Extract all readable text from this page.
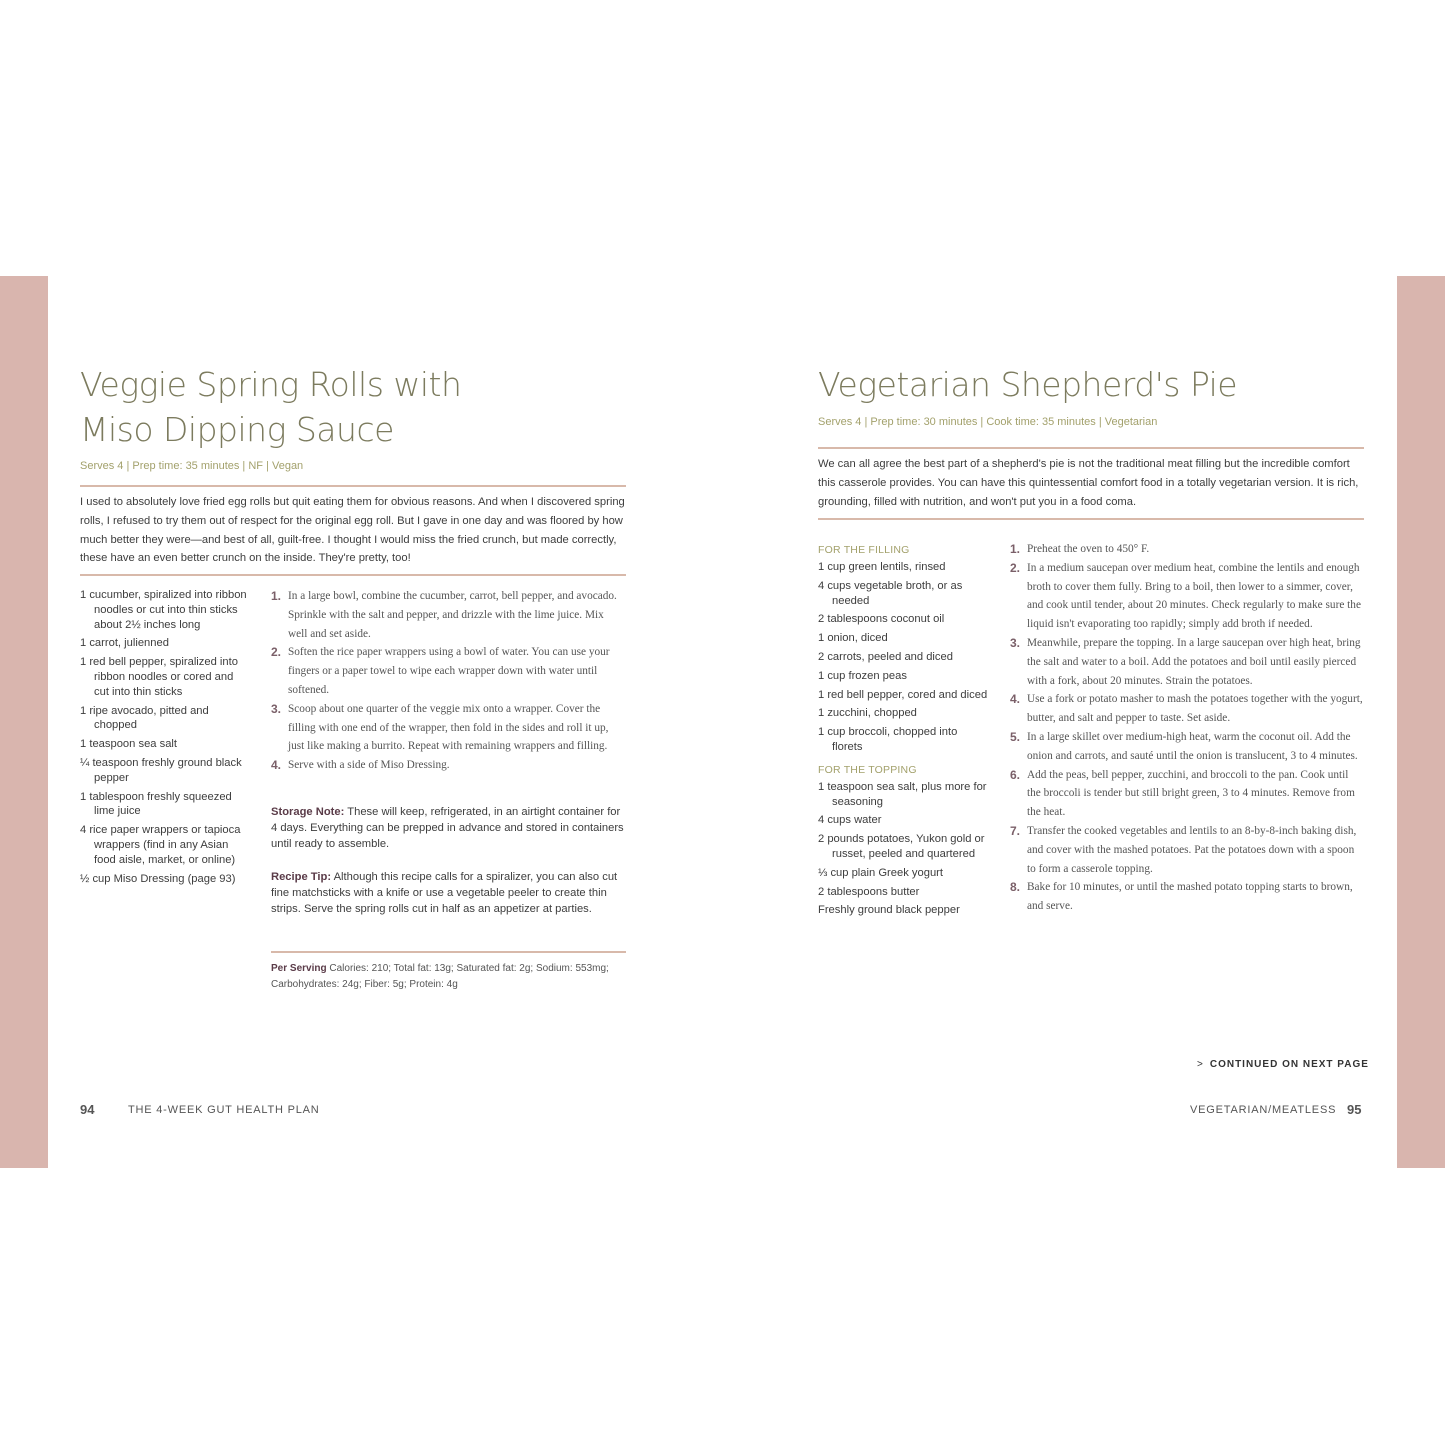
Veggie Spring Rolls with
Miso Dipping Sauce
Serves 4 | Prep time: 35 minutes | NF | Vegan
I used to absolutely love fried egg rolls but quit eating them for obvious reasons. And when I discovered spring rolls, I refused to try them out of respect for the original egg roll. But I gave in one day and was floored by how much better they were—and best of all, guilt-free. I thought I would miss the fried crunch, but made correctly, these have an even better crunch on the inside. They're pretty, too!
1 cucumber, spiralized into ribbon noodles or cut into thin sticks about 2½ inches long
1 carrot, julienned
1 red bell pepper, spiralized into ribbon noodles or cored and cut into thin sticks
1 ripe avocado, pitted and chopped
1 teaspoon sea salt
¼ teaspoon freshly ground black pepper
1 tablespoon freshly squeezed lime juice
4 rice paper wrappers or tapioca wrappers (find in any Asian food aisle, market, or online)
½ cup Miso Dressing (page 93)
1. In a large bowl, combine the cucumber, carrot, bell pepper, and avocado. Sprinkle with the salt and pepper, and drizzle with the lime juice. Mix well and set aside.
2. Soften the rice paper wrappers using a bowl of water. You can use your fingers or a paper towel to wipe each wrapper down with water until softened.
3. Scoop about one quarter of the veggie mix onto a wrapper. Cover the filling with one end of the wrapper, then fold in the sides and roll it up, just like making a burrito. Repeat with remaining wrappers and filling.
4. Serve with a side of Miso Dressing.
Storage Note: These will keep, refrigerated, in an airtight container for 4 days. Everything can be prepped in advance and stored in containers until ready to assemble.
Recipe Tip: Although this recipe calls for a spiralizer, you can also cut fine matchsticks with a knife or use a vegetable peeler to create thin strips. Serve the spring rolls cut in half as an appetizer at parties.
Per Serving Calories: 210; Total fat: 13g; Saturated fat: 2g; Sodium: 553mg; Carbohydrates: 24g; Fiber: 5g; Protein: 4g
94	THE 4-WEEK GUT HEALTH PLAN
Vegetarian Shepherd's Pie
Serves 4 | Prep time: 30 minutes | Cook time: 35 minutes | Vegetarian
We can all agree the best part of a shepherd's pie is not the traditional meat filling but the incredible comfort this casserole provides. You can have this quintessential comfort food in a totally vegetarian version. It is rich, grounding, filled with nutrition, and won't put you in a food coma.
FOR THE FILLING
1 cup green lentils, rinsed
4 cups vegetable broth, or as needed
2 tablespoons coconut oil
1 onion, diced
2 carrots, peeled and diced
1 cup frozen peas
1 red bell pepper, cored and diced
1 zucchini, chopped
1 cup broccoli, chopped into florets
FOR THE TOPPING
1 teaspoon sea salt, plus more for seasoning
4 cups water
2 pounds potatoes, Yukon gold or russet, peeled and quartered
⅓ cup plain Greek yogurt
2 tablespoons butter
Freshly ground black pepper
1. Preheat the oven to 450° F.
2. In a medium saucepan over medium heat, combine the lentils and enough broth to cover them fully. Bring to a boil, then lower to a simmer, cover, and cook until tender, about 20 minutes. Check regularly to make sure the liquid isn't evaporating too rapidly; simply add broth if needed.
3. Meanwhile, prepare the topping. In a large saucepan over high heat, bring the salt and water to a boil. Add the potatoes and boil until easily pierced with a fork, about 20 minutes. Strain the potatoes.
4. Use a fork or potato masher to mash the potatoes together with the yogurt, butter, and salt and pepper to taste. Set aside.
5. In a large skillet over medium-high heat, warm the coconut oil. Add the onion and carrots, and sauté until the onion is translucent, 3 to 4 minutes.
6. Add the peas, bell pepper, zucchini, and broccoli to the pan. Cook until the broccoli is tender but still bright green, 3 to 4 minutes. Remove from the heat.
7. Transfer the cooked vegetables and lentils to an 8-by-8-inch baking dish, and cover with the mashed potatoes. Pat the potatoes down with a spoon to form a casserole topping.
8. Bake for 10 minutes, or until the mashed potato topping starts to brown, and serve.
> CONTINUED ON NEXT PAGE
VEGETARIAN/MEATLESS 95
